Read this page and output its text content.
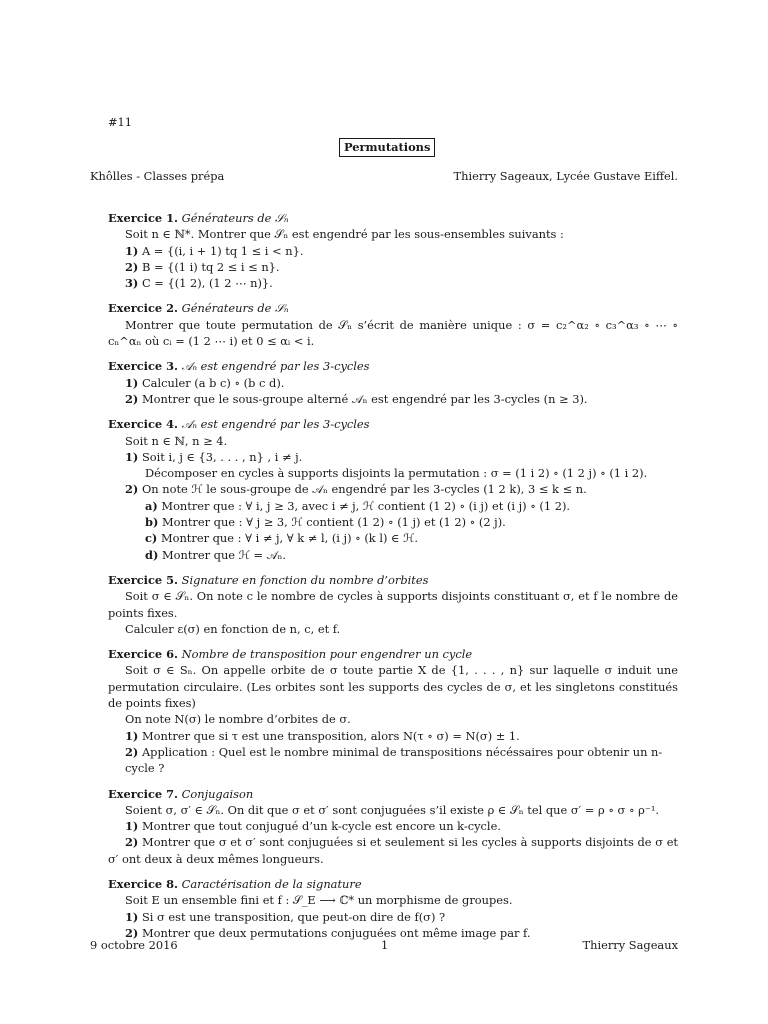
#11
Permutations
Khôlles - Classes prépa	Thierry Sageaux, Lycée Gustave Eiffel.
Exercice 1. Générateurs de 𝒮ₙ
Soit n ∈ ℕ*. Montrer que 𝒮ₙ est engendré par les sous-ensembles suivants :
1) A = {(i, i + 1) tq 1 ≤ i < n}.
2) B = {(1 i) tq 2 ≤ i ≤ n}.
3) C = {(1 2), (1 2 ⋯ n)}.
Exercice 2. Générateurs de 𝒮ₙ
Montrer que toute permutation de 𝒮ₙ s’écrit de manière unique : σ = c₂^α₂ ∘ c₃^α₃ ∘ ⋯ ∘ cₙ^αₙ où cᵢ = (1 2 ⋯ i) et 0 ≤ αᵢ < i.
Exercice 3. 𝒜ₙ est engendré par les 3-cycles
1) Calculer (a b c) ∘ (b c d).
2) Montrer que le sous-groupe alterné 𝒜ₙ est engendré par les 3-cycles (n ≥ 3).
Exercice 4. 𝒜ₙ est engendré par les 3-cycles
Soit n ∈ ℕ, n ≥ 4.
1) Soit i, j ∈ {3, . . . , n} , i ≠ j.
Décomposer en cycles à supports disjoints la permutation : σ = (1 i 2) ∘ (1 2 j) ∘ (1 i 2).
2) On note ℋ le sous-groupe de 𝒜ₙ engendré par les 3-cycles (1 2 k), 3 ≤ k ≤ n.
a) Montrer que : ∀ i, j ≥ 3, avec i ≠ j, ℋ contient (1 2) ∘ (i j) et (i j) ∘ (1 2).
b) Montrer que : ∀ j ≥ 3, ℋ contient (1 2) ∘ (1 j) et (1 2) ∘ (2 j).
c) Montrer que : ∀ i ≠ j, ∀ k ≠ l, (i j) ∘ (k l) ∈ ℋ.
d) Montrer que ℋ = 𝒜ₙ.
Exercice 5. Signature en fonction du nombre d’orbites
Soit σ ∈ 𝒮ₙ. On note c le nombre de cycles à supports disjoints constituant σ, et f le nombre de points fixes.
Calculer ε(σ) en fonction de n, c, et f.
Exercice 6. Nombre de transposition pour engendrer un cycle
Soit σ ∈ Sₙ. On appelle orbite de σ toute partie X de {1, . . . , n} sur laquelle σ induit une permutation circulaire. (Les orbites sont les supports des cycles de σ, et les singletons constitués de points fixes)
On note N(σ) le nombre d’orbites de σ.
1) Montrer que si τ est une transposition, alors N(τ ∘ σ) = N(σ) ± 1.
2) Application : Quel est le nombre minimal de transpositions nécéssaires pour obtenir un n-cycle ?
Exercice 7. Conjugaison
Soient σ, σ′ ∈ 𝒮ₙ. On dit que σ et σ′ sont conjuguées s’il existe ρ ∈ 𝒮ₙ tel que σ′ = ρ ∘ σ ∘ ρ⁻¹.
1) Montrer que tout conjugué d’un k-cycle est encore un k-cycle.
2) Montrer que σ et σ′ sont conjuguées si et seulement si les cycles à supports disjoints de σ et σ′ ont deux à deux mêmes longueurs.
Exercice 8. Caractérisation de la signature
Soit E un ensemble fini et f : 𝒮_E ⟶ ℂ* un morphisme de groupes.
1) Si σ est une transposition, que peut-on dire de f(σ) ?
2) Montrer que deux permutations conjuguées ont même image par f.
9 octobre 2016	1	Thierry Sageaux
